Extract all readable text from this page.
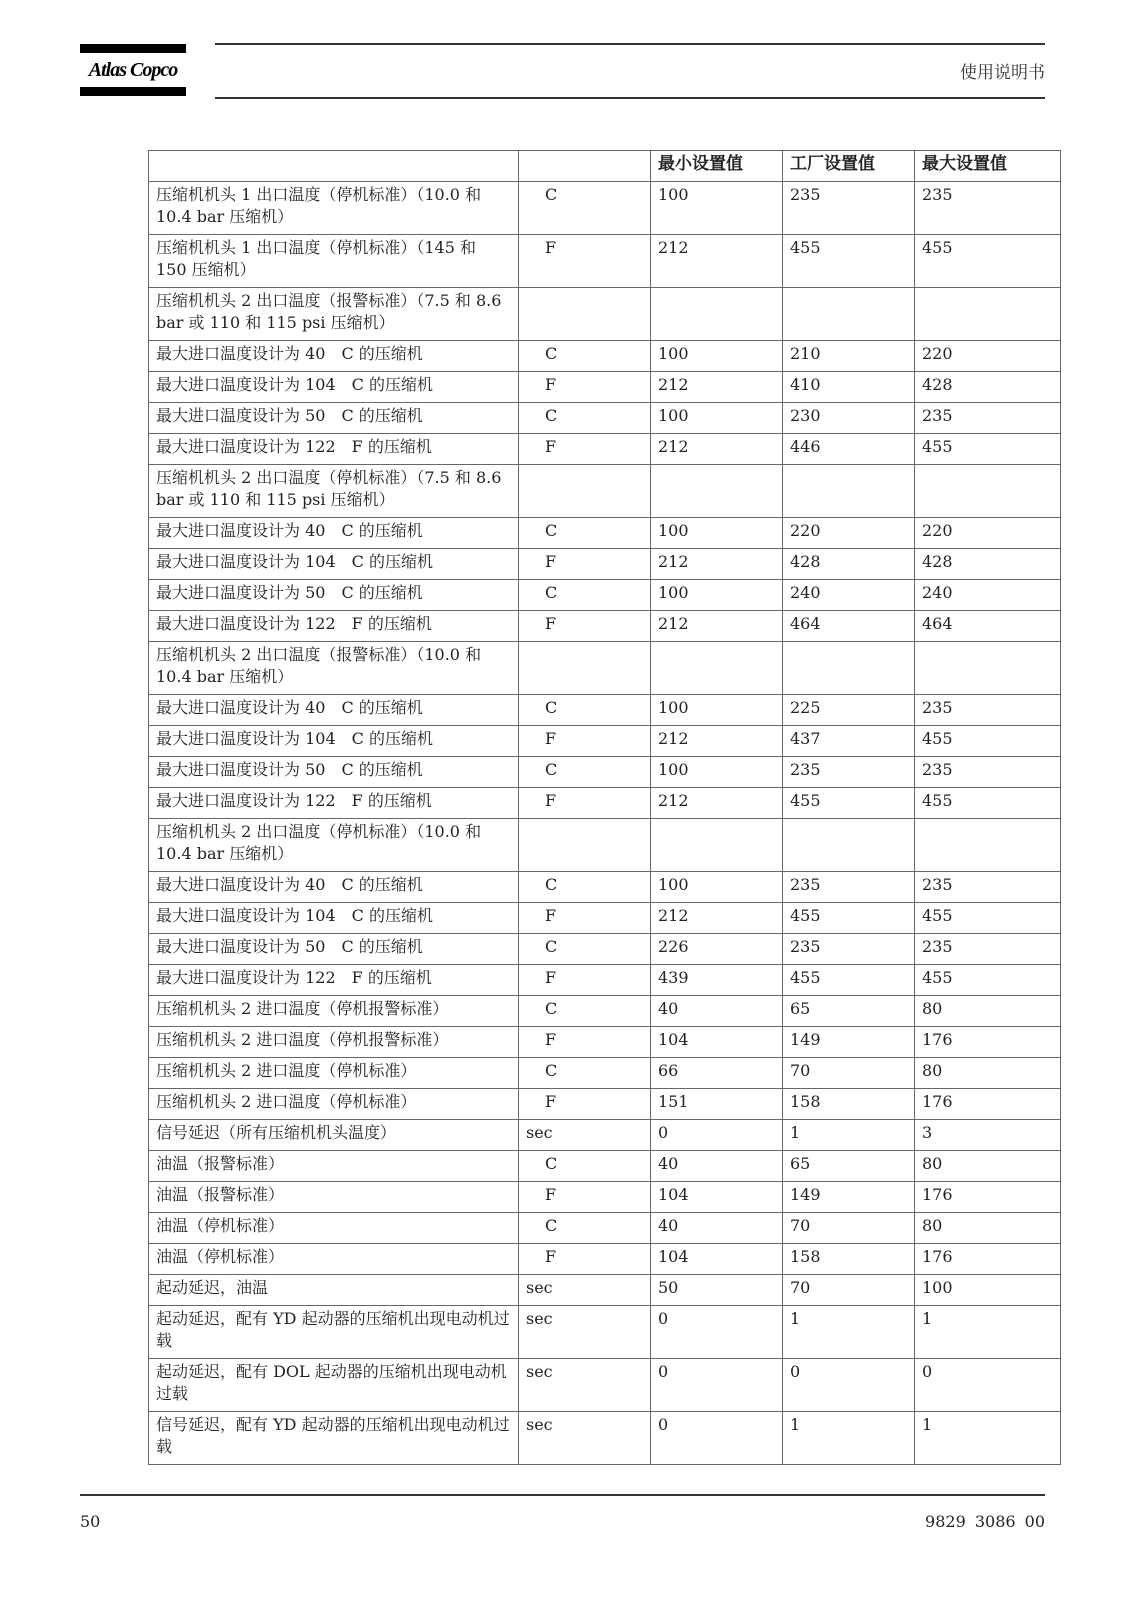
Atlas Copco	使用说明书
		最小设置值	工厂设置值	最大设置值
压缩机机头 1 出口温度（停机标准）（10.0 和 10.4 bar 压缩机）	C	100	235	235
压缩机机头 1 出口温度（停机标准）（145 和 150 压缩机）	F	212	455	455
压缩机机头 2 出口温度（报警标准）（7.5 和 8.6 bar 或 110 和 115 psi 压缩机）				
最大进口温度设计为 40　C 的压缩机	C	100	210	220
最大进口温度设计为 104　C 的压缩机	F	212	410	428
最大进口温度设计为 50　C 的压缩机	C	100	230	235
最大进口温度设计为 122　F 的压缩机	F	212	446	455
压缩机机头 2 出口温度（停机标准）（7.5 和 8.6 bar 或 110 和 115 psi 压缩机）				
最大进口温度设计为 40　C 的压缩机	C	100	220	220
最大进口温度设计为 104　C 的压缩机	F	212	428	428
最大进口温度设计为 50　C 的压缩机	C	100	240	240
最大进口温度设计为 122　F 的压缩机	F	212	464	464
压缩机机头 2 出口温度（报警标准）（10.0 和 10.4 bar 压缩机）				
最大进口温度设计为 40　C 的压缩机	C	100	225	235
最大进口温度设计为 104　C 的压缩机	F	212	437	455
最大进口温度设计为 50　C 的压缩机	C	100	235	235
最大进口温度设计为 122　F 的压缩机	F	212	455	455
压缩机机头 2 出口温度（停机标准）（10.0 和 10.4 bar 压缩机）				
最大进口温度设计为 40　C 的压缩机	C	100	235	235
最大进口温度设计为 104　C 的压缩机	F	212	455	455
最大进口温度设计为 50　C 的压缩机	C	226	235	235
最大进口温度设计为 122　F 的压缩机	F	439	455	455
压缩机机头 2 进口温度（停机报警标准）	C	40	65	80
压缩机机头 2 进口温度（停机报警标准）	F	104	149	176
压缩机机头 2 进口温度（停机标准）	C	66	70	80
压缩机机头 2 进口温度（停机标准）	F	151	158	176
信号延迟（所有压缩机机头温度）	sec	0	1	3
油温（报警标准）	C	40	65	80
油温（报警标准）	F	104	149	176
油温（停机标准）	C	40	70	80
油温（停机标准）	F	104	158	176
起动延迟，油温	sec	50	70	100
起动延迟，配有 YD 起动器的压缩机出现电动机过载	sec	0	1	1
起动延迟，配有 DOL 起动器的压缩机出现电动机过载	sec	0	0	0
信号延迟，配有 YD 起动器的压缩机出现电动机过载	sec	0	1	1
50	9829 3086 00
